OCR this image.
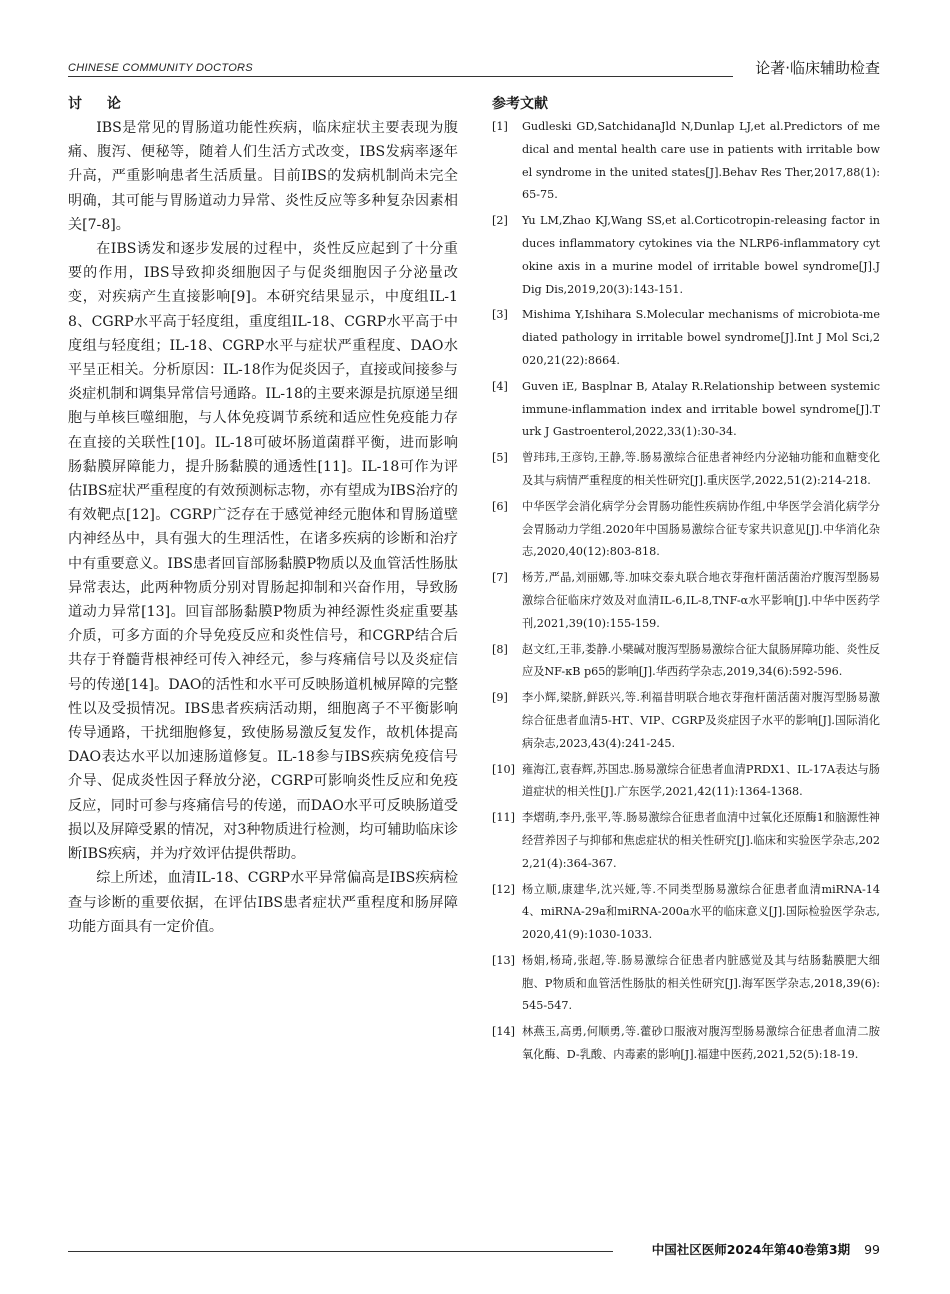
CHINESE COMMUNITY DOCTORS	论著·临床辅助检查
讨 论

IBS是常见的胃肠道功能性疾病，临床症状主要表现为腹痛、腹泻、便秘等，随着人们生活方式改变，IBS发病率逐年升高，严重影响患者生活质量。目前IBS的发病机制尚未完全明确，其可能与胃肠道动力异常、炎性反应等多种复杂因素相关[7-8]。

在IBS诱发和逐步发展的过程中，炎性反应起到了十分重要的作用，IBS导致抑炎细胞因子与促炎细胞因子分泌量改变，对疾病产生直接影响[9]。本研究结果显示，中度组IL-18、CGRP水平高于轻度组，重度组IL-18、CGRP水平高于中度组与轻度组；IL-18、CGRP水平与症状严重程度、DAO水平呈正相关。分析原因：IL-18作为促炎因子，直接或间接参与炎症机制和调集异常信号通路。IL-18的主要来源是抗原递呈细胞与单核巨噬细胞，与人体免疫调节系统和适应性免疫能力存在直接的关联性[10]。IL-18可破坏肠道菌群平衡，进而影响肠黏膜屏障能力，提升肠黏膜的通透性[11]。IL-18可作为评估IBS症状严重程度的有效预测标志物，亦有望成为IBS治疗的有效靶点[12]。CGRP广泛存在于感觉神经元胞体和胃肠道壁内神经丛中，具有强大的生理活性，在诸多疾病的诊断和治疗中有重要意义。IBS患者回盲部肠黏膜P物质以及血管活性肠肽异常表达，此两种物质分别对胃肠起抑制和兴奋作用，导致肠道动力异常[13]。回盲部肠黏膜P物质为神经源性炎症重要基介质，可多方面的介导免疫反应和炎性信号，和CGRP结合后共存于脊髓背根神经可传入神经元，参与疼痛信号以及炎症信号的传递[14]。DAO的活性和水平可反映肠道机械屏障的完整性以及受损情况。IBS患者疾病活动期，细胞离子不平衡影响传导通路，干扰细胞修复，致使肠易激反复发作，故机体提高DAO表达水平以加速肠道修复。IL-18参与IBS疾病免疫信号介导、促成炎性因子释放分泌，CGRP可影响炎性反应和免疫反应，同时可参与疼痛信号的传递，而DAO水平可反映肠道受损以及屏障受累的情况，对3种物质进行检测，均可辅助临床诊断IBS疾病，并为疗效评估提供帮助。

综上所述，血清IL-18、CGRP水平异常偏高是IBS疾病检查与诊断的重要依据，在评估IBS患者症状严重程度和肠屏障功能方面具有一定价值。

参考文献
[1] Gudleski GD,SatchidanaJld N,Dunlap LJ,et al.Predictors of medical and mental health care use in patients with irritable bowel syndrome in the united states[J].Behav Res Ther,2017,88(1):65-75.
[2] Yu LM,Zhao KJ,Wang SS,et al.Corticotropin-releasing factor induces inflammatory cytokines via the NLRP6-inflammatory cytokine axis in a murine model of irritable bowel syndrome[J].J Dig Dis,2019,20(3):143-151.
[3] Mishima Y,Ishihara S.Molecular mechanisms of microbiota-mediated pathology in irritable bowel syndrome[J].Int J Mol Sci,2020,21(22):8664.
[4] Guven iE, Basplnar B, Atalay R.Relationship between systemic immune-inflammation index and irritable bowel syndrome[J].Turk J Gastroenterol,2022,33(1):30-34.
[5] 曾玮玮,王彦钧,王静,等.肠易激综合征患者神经内分泌轴功能和血糖变化及其与病情严重程度的相关性研究[J].重庆医学,2022,51(2):214-218.
[6] 中华医学会消化病学分会胃肠功能性疾病协作组,中华医学会消化病学分会胃肠动力学组.2020年中国肠易激综合征专家共识意见[J].中华消化杂志,2020,40(12):803-818.
[7] 杨芳,严晶,刘丽娜,等.加味交泰丸联合地衣芽孢杆菌活菌治疗腹泻型肠易激综合征临床疗效及对血清IL-6,IL-8,TNF-α水平影响[J].中华中医药学刊,2021,39(10):155-159.
[8] 赵文红,王菲,娄静.小檗碱对腹泻型肠易激综合征大鼠肠屏障功能、炎性反应及NF-κB p65的影响[J].华西药学杂志,2019,34(6):592-596.
[9] 李小辉,梁脐,鲜跃兴,等.利福昔明联合地衣芽孢杆菌活菌对腹泻型肠易激综合征患者血清5-HT、VIP、CGRP及炎症因子水平的影响[J].国际消化病杂志,2023,43(4):241-245.
[10] 雍海江,袁春辉,苏国忠.肠易激综合征患者血清PRDX1、IL-17A表达与肠道症状的相关性[J].广东医学,2021,42(11):1364-1368.
[11] 李熠萌,李丹,张平,等.肠易激综合征患者血清中过氧化还原酶1和脑源性神经营养因子与抑郁和焦虑症状的相关性研究[J].临床和实验医学杂志,2022,21(4):364-367.
[12] 杨立顺,康建华,沈兴娅,等.不同类型肠易激综合征患者血清miRNA-144、miRNA-29a和miRNA-200a水平的临床意义[J].国际检验医学杂志,2020,41(9):1030-1033.
[13] 杨娟,杨琦,张超,等.肠易激综合征患者内脏感觉及其与结肠黏膜肥大细胞、P物质和血管活性肠肽的相关性研究[J].海军医学杂志,2018,39(6):545-547.
[14] 林燕玉,高勇,何顺勇,等.藿砂口服液对腹泻型肠易激综合征患者血清二胺氧化酶、D-乳酸、内毒素的影响[J].福建中医药,2021,52(5):18-19.
中国社区医师2024年第40卷第3期 99
